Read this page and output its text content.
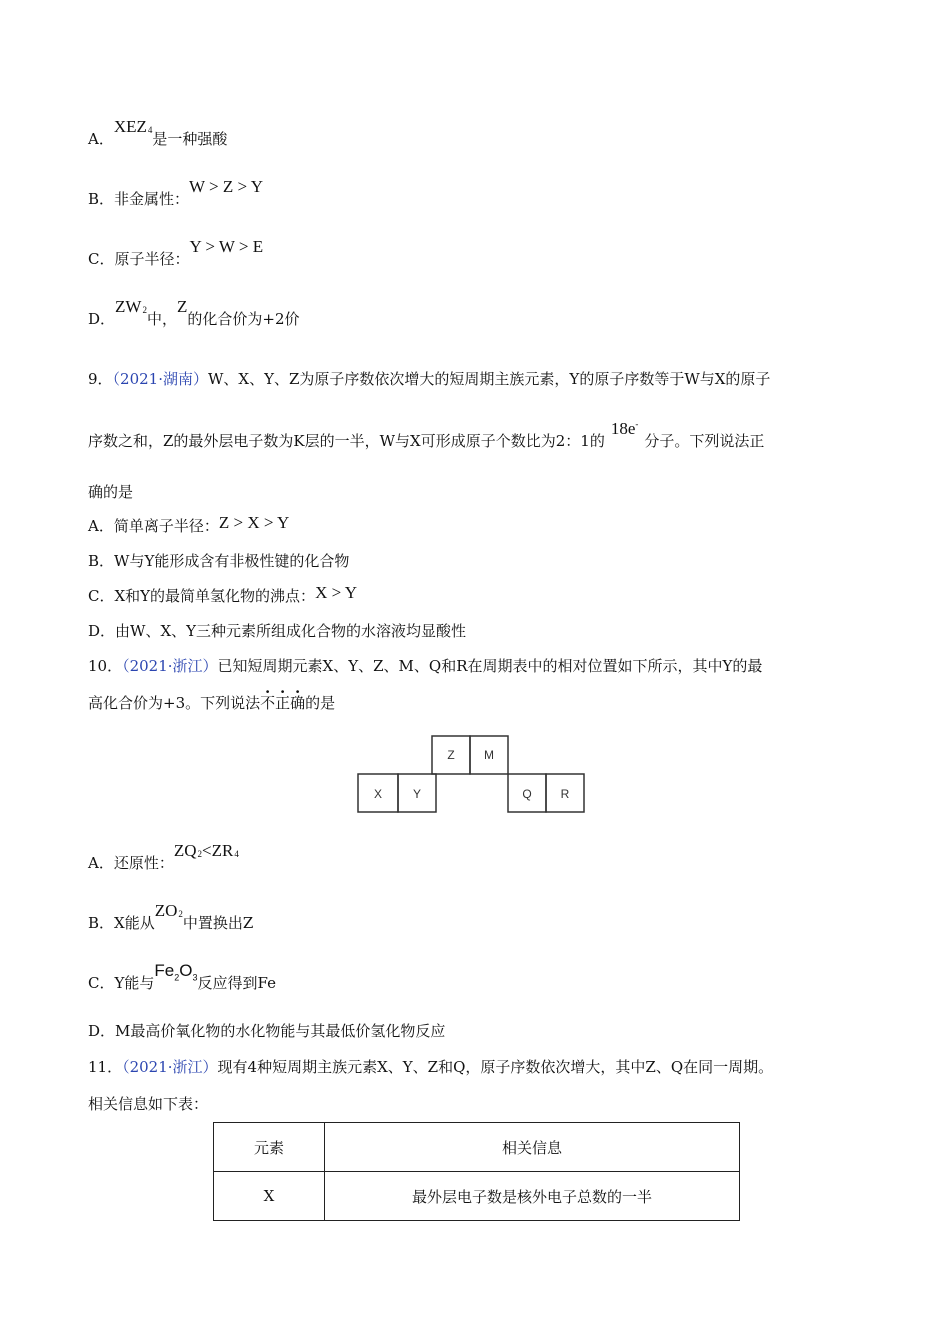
A．$XEZ_4$是一种强酸
B．非金属性：W > Z > Y
C．原子半径：Y > W > E
D．$ZW_2$中，Z的化合价为+2价
9．（2021·湖南）W、X、Y、Z为原子序数依次增大的短周期主族元素，Y的原子序数等于W与X的原子
序数之和，Z的最外层电子数为K层的一半，W与X可形成原子个数比为2：1的18e-分子。下列说法正
确的是
A．简单离子半径：Z > X > Y
B．W与Y能形成含有非极性键的化合物
C．X和Y的最简单氢化物的沸点：X > Y
D．由W、X、Y三种元素所组成化合物的水溶液均显酸性
10．（2021·浙江）已知短周期元素X、Y、Z、M、Q和R在周期表中的相对位置如下所示，其中Y的最
高化合价为+3。下列说法不正确的是
Z M
X	Y	Q R
A．还原性：$ZQ_2<ZR_4$
B．X能从$ZO_2$中置换出Z
C．Y能与$Fe_2O_3$反应得到Fe
D．M最高价氧化物的水化物能与其最低价氢化物反应
11．（2021·浙江）现有4种短周期主族元素X、Y、Z和Q，原子序数依次增大，其中Z、Q在同一周期。
相关信息如下表：
元素	相关信息
X	最外层电子数是核外电子总数的一半
